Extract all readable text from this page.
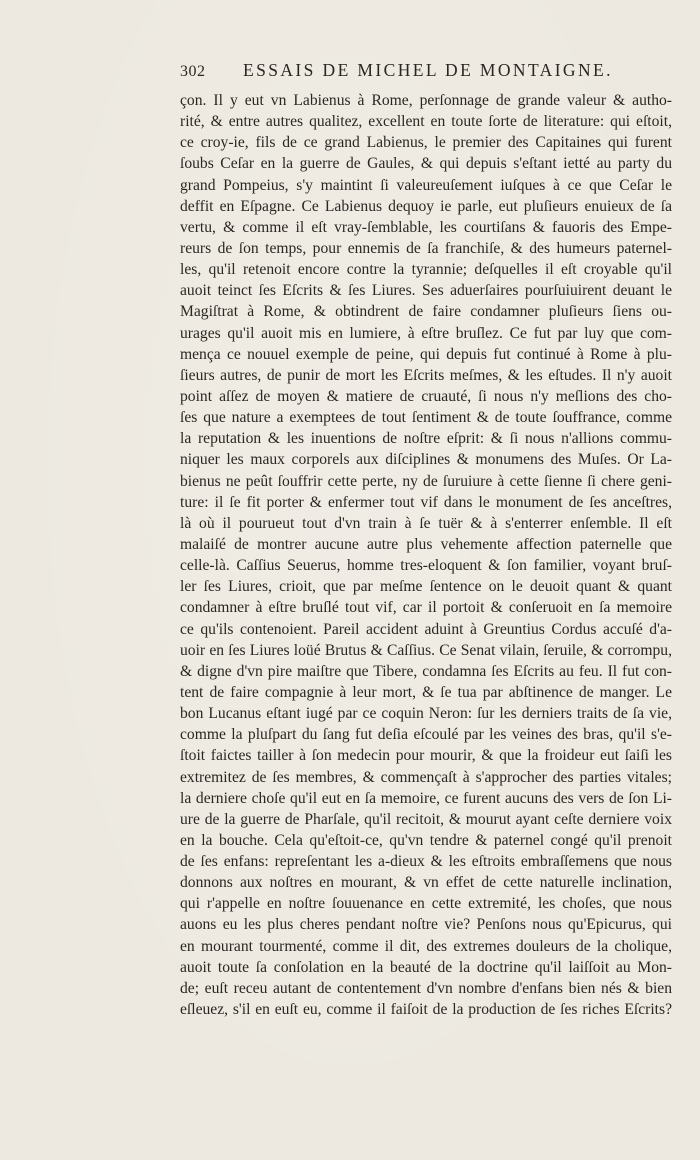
302 ESSAIS DE MICHEL DE MONTAIGNE.
çon. Il y eut vn Labienus à Rome, perſonnage de grande valeur & autho-
rité, & entre autres qualitez, excellent en toute ſorte de literature: qui eſtoit,
ce croy-ie, fils de ce grand Labienus, le premier des Capitaines qui furent
ſoubs Ceſar en la guerre de Gaules, & qui depuis s'eſtant ietté au party du
grand Pompeius, s'y maintint ſi valeureuſement iuſques à ce que Ceſar le
deffit en Eſpagne. Ce Labienus dequoy ie parle, eut pluſieurs enuieux de ſa
vertu, & comme il eſt vray-ſemblable, les courtiſans & fauoris des Empe-
reurs de ſon temps, pour ennemis de ſa franchiſe, & des humeurs paternel-
les, qu'il retenoit encore contre la tyrannie; deſquelles il eſt croyable qu'il
auoit teinct ſes Eſcrits & ſes Liures. Ses aduerſaires pourſuiuirent deuant le
Magiſtrat à Rome, & obtindrent de faire condamner pluſieurs ſiens ou-
urages qu'il auoit mis en lumiere, à eſtre bruſlez. Ce fut par luy que com-
mença ce nouuel exemple de peine, qui depuis fut continué à Rome à plu-
ſieurs autres, de punir de mort les Eſcrits meſmes, & les eſtudes. Il n'y auoit
point aſſez de moyen & matiere de cruauté, ſi nous n'y meſlions des cho-
ſes que nature a exemptees de tout ſentiment & de toute ſouffrance, comme
la reputation & les inuentions de noſtre eſprit: & ſi nous n'allions commu-
niquer les maux corporels aux diſciplines & monumens des Muſes. Or La-
bienus ne peût ſouffrir cette perte, ny de ſuruiure à cette ſienne ſi chere geni-
ture: il ſe fit porter & enfermer tout vif dans le monument de ſes anceſtres,
là où il pourueut tout d'vn train à ſe tuër & à s'enterrer enſemble. Il eſt
malaiſé de montrer aucune autre plus vehemente affection paternelle que
celle-là. Caſſius Seuerus, homme tres-eloquent & ſon familier, voyant bruſ-
ler ſes Liures, crioit, que par meſme ſentence on le deuoit quant & quant
condamner à eſtre bruſlé tout vif, car il portoit & conſeruoit en ſa memoire
ce qu'ils contenoient. Pareil accident aduint à Greuntius Cordus accuſé d'a-
uoir en ſes Liures loüé Brutus & Caſſius. Ce Senat vilain, ſeruile, & corrompu,
& digne d'vn pire maiſtre que Tibere, condamna ſes Eſcrits au feu. Il fut con-
tent de faire compagnie à leur mort, & ſe tua par abſtinence de manger. Le
bon Lucanus eſtant iugé par ce coquin Neron: ſur les derniers traits de ſa vie,
comme la pluſpart du ſang fut deſia eſcoulé par les veines des bras, qu'il s'e-
ſtoit faictes tailler à ſon medecin pour mourir, & que la froideur eut ſaiſi les
extremitez de ſes membres, & commençaſt à s'approcher des parties vitales;
la derniere choſe qu'il eut en ſa memoire, ce furent aucuns des vers de ſon Li-
ure de la guerre de Pharſale, qu'il recitoit, & mourut ayant ceſte derniere voix
en la bouche. Cela qu'eſtoit-ce, qu'vn tendre & paternel congé qu'il prenoit
de ſes enfans: repreſentant les a-dieux & les eſtroits embraſſemens que nous
donnons aux noſtres en mourant, & vn effet de cette naturelle inclination,
qui r'appelle en noſtre ſouuenance en cette extremité, les choſes, que nous
auons eu les plus cheres pendant noſtre vie? Penſons nous qu'Epicurus, qui
en mourant tourmenté, comme il dit, des extremes douleurs de la cholique,
auoit toute ſa conſolation en la beauté de la doctrine qu'il laiſſoit au Mon-
de; euſt receu autant de contentement d'vn nombre d'enfans bien nés & bien
eſleuez, s'il en euſt eu, comme il faiſoit de la production de ſes riches Eſcrits?
